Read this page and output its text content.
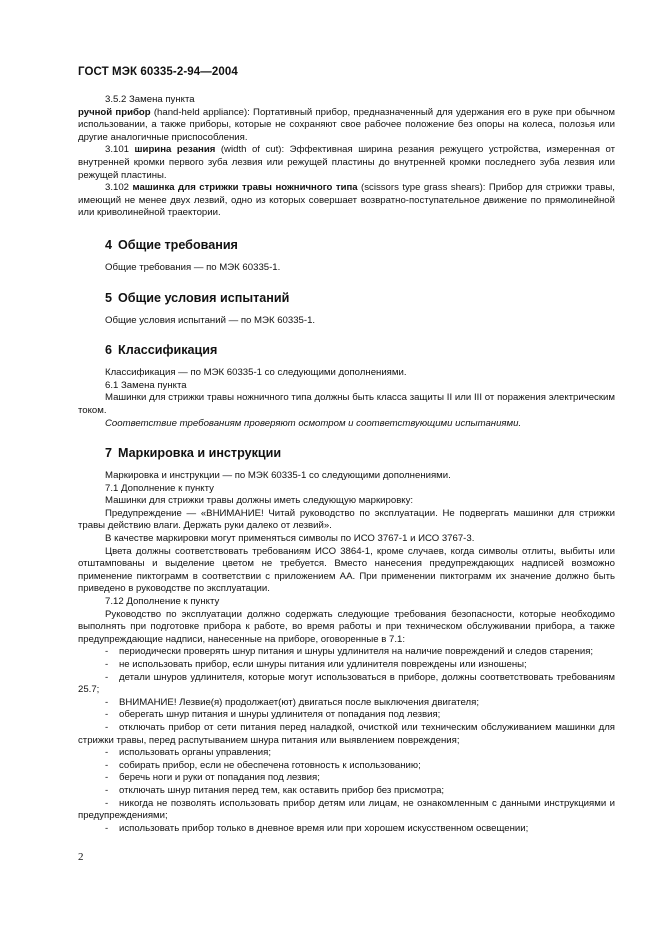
ГОСТ МЭК 60335-2-94—2004

3.5.2 Замена пункта

ручной прибор (hand-held appliance): Портативный прибор, предназначенный для удержания его в руке при обычном использовании, а также приборы, которые не сохраняют свое рабочее положение без опоры на колеса, полозья или другие аналогичные приспособления.

3.101 ширина резания (width of cut): Эффективная ширина резания режущего устройства, измеренная от внутренней кромки первого зуба лезвия или режущей пластины до внутренней кромки последнего зуба лезвия или режущей пластины.

3.102 машинка для стрижки травы ножничного типа (scissors type grass shears): Прибор для стрижки травы, имеющий не менее двух лезвий, одно из которых совершает возвратно-поступательное движение по прямолинейной или криволинейной траектории.

4 Общие требования

Общие требования — по МЭК 60335-1.

5 Общие условия испытаний

Общие условия испытаний — по МЭК 60335-1.

6 Классификация

Классификация — по МЭК 60335-1 со следующими дополнениями.

6.1 Замена пункта

Машинки для стрижки травы ножничного типа должны быть класса защиты II или III от поражения электрическим током.

Соответствие требованиям проверяют осмотром и соответствующими испытаниями.

7 Маркировка и инструкции

Маркировка и инструкции — по МЭК 60335-1 со следующими дополнениями.

7.1 Дополнение к пункту

Машинки для стрижки травы должны иметь следующую маркировку:

Предупреждение — «ВНИМАНИЕ! Читай руководство по эксплуатации. Не подвергать машинки для стрижки травы действию влаги. Держать руки далеко от лезвий».

В качестве маркировки могут применяться символы по ИСО 3767-1 и ИСО 3767-3.

Цвета должны соответствовать требованиям ИСО 3864-1, кроме случаев, когда символы отлиты, выбиты или отштампованы и выделение цветом не требуется. Вместо нанесения предупреждающих надписей возможно применение пиктограмм в соответствии с приложением АА. При применении пиктограмм их значение должно быть приведено в руководстве по эксплуатации.

7.12 Дополнение к пункту

Руководство по эксплуатации должно содержать следующие требования безопасности, которые необходимо выполнять при подготовке прибора к работе, во время работы и при техническом обслуживании прибора, а также предупреждающие надписи, нанесенные на приборе, оговоренные в 7.1:

- периодически проверять шнур питания и шнуры удлинителя на наличие повреждений и следов старения;

- не использовать прибор, если шнуры питания или удлинителя повреждены или изношены;

- детали шнуров удлинителя, которые могут использоваться в приборе, должны соответствовать требованиям 25.7;

- ВНИМАНИЕ! Лезвие(я) продолжает(ют) двигаться после выключения двигателя;

- оберегать шнур питания и шнуры удлинителя от попадания под лезвия;

- отключать прибор от сети питания перед наладкой, очисткой или техническим обслуживанием машинки для стрижки травы, перед распутыванием шнура питания или выявлением повреждения;

- использовать органы управления;

- собирать прибор, если не обеспечена готовность к использованию;

- беречь ноги и руки от попадания под лезвия;

- отключать шнур питания перед тем, как оставить прибор без присмотра;

- никогда не позволять использовать прибор детям или лицам, не ознакомленным с данными инструкциями и предупреждениями;

- использовать прибор только в дневное время или при хорошем искусственном освещении;

2
